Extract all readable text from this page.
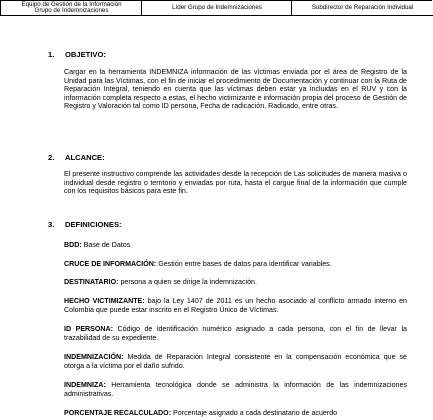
Equipo de Gestión de la Información
Grupo de Indemnizaciones	Líder Grupo de Indemnizaciones	Subdirector de Reparación Individual
1. OBJETIVO:
Cargar en la herramienta INDEMNIZA información de las víctimas enviada por el área de Registro de la Unidad para las Víctimas, con el fin de iniciar el procedimiento de Documentación y continuar con la Ruta de Reparación Integral, teniendo en cuenta que las víctimas deben estar ya incluidas en el RUV y con la información completa respecto a estas, el hecho victimizante e información propia del proceso de Gestión de Registro y Valoración tal como ID persona, Fecha de radicación, Radicado, entre otras.
2. ALCANCE:
El presente instructivo comprende las actividades desde la recepción de Las solicitudes de manera masiva o individual desde registro o territorio y enviadas por ruta, hasta el cargue final de la información que cumple con los requisitos básicos para este fin.
3. DEFINICIONES:
BDD: Base de Datos
CRUCE DE INFORMACIÓN: Gestión entre bases de datos para identificar variables.
DESTINATARIO: persona a quien se dirige la indemnización.
HECHO VICTIMIZANTE: bajo la Ley 1407 de 2011 es un hecho asociado al conflicto armado interno en Colombia que puede estar inscrito en el Registro Único de Víctimas.
ID PERSONA: Código de identificación numérico asignado a cada persona, con el fin de llevar la trazabilidad de su expediente.
INDEMNIZACIÓN: Medida de Reparación Integral consistente en la compensación económica que se otorga a la víctima por el daño sufrido.
INDEMNIZA: Herramienta tecnológica donde se administra la información de las indemnizaciones administrativas.
PORCENTAJE RECALCULADO: Porcentaje asignado a cada destinatario de acuerdo
